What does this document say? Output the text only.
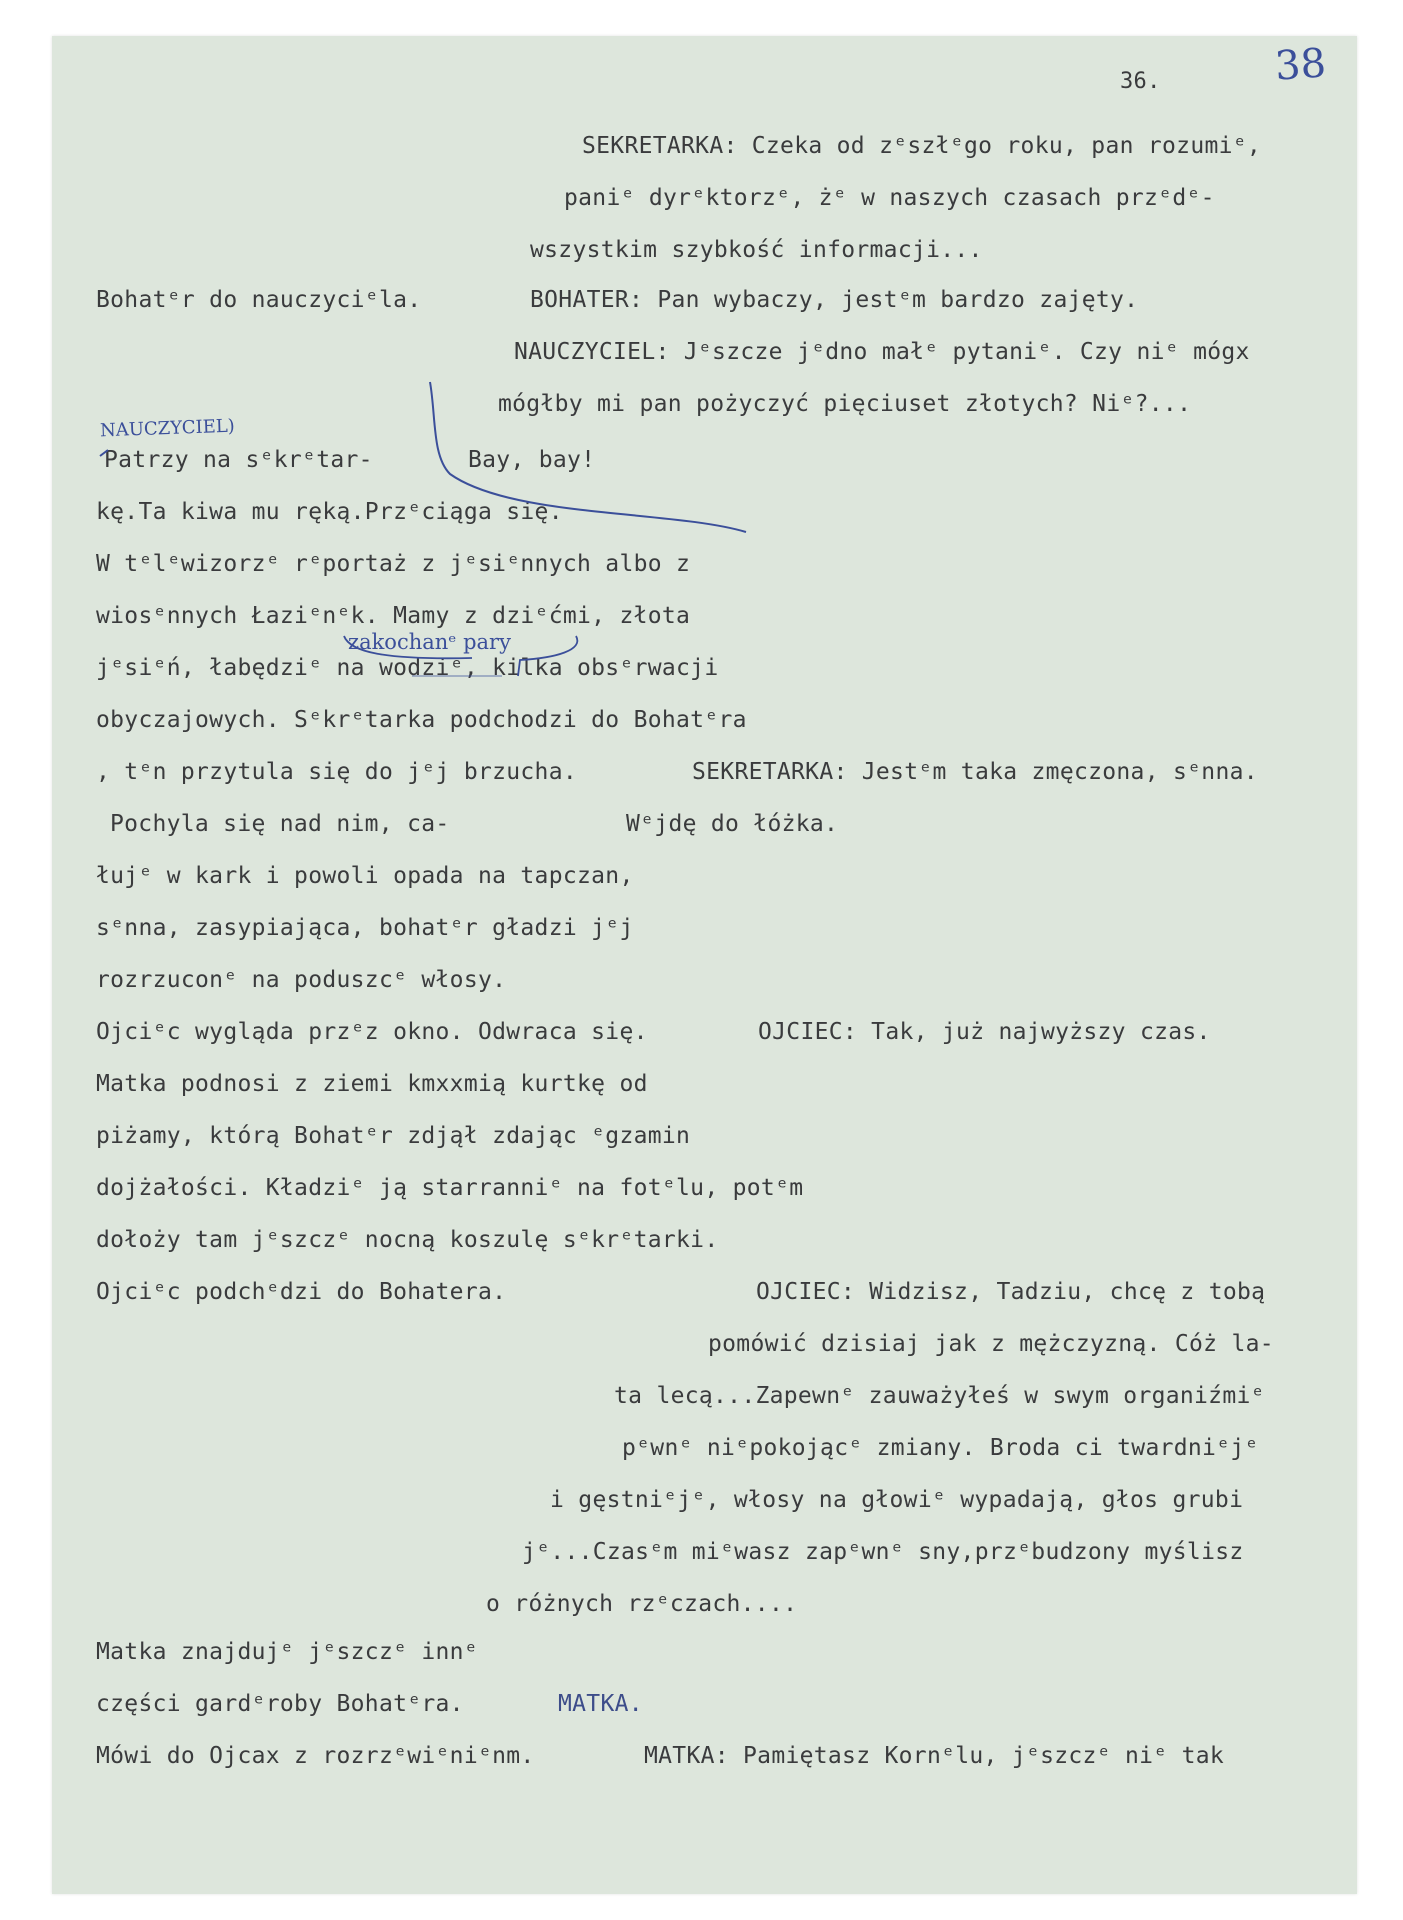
36.	38
Bohatᵉr do nauczyciᵉla.
Patrzy na sᵉkrᵉtar-
kę.Ta kiwa mu ręką.Przᵉciąga się.
W tᵉlᵉwizorzᵉ rᵉportaż z jᵉsiᵉnnych albo z
wiosᵉnnych Łaziᵉnᵉk. Mamy z dziᵉćmi, złota
jᵉsiᵉń, łabędziᵉ na wodziᵉ, kilka obsᵉrwacji
obyczajowych. Sᵉkrᵉtarka podchodzi do Bohatᵉra
, tᵉn przytula się do jᵉj brzucha.
Pochyla się nad nim, ca-
łujᵉ w kark i powoli opada na tapczan,
sᵉnna, zasypiająca, bohatᵉr gładzi jᵉj
rozrzuconᵉ na poduszcᵉ włosy.
Ojciᵉc wygląda przᵉz okno. Odwraca się.
Matka podnosi z ziemi kmxxmią kurtkę od
piżamy, którą Bohatᵉr zdjął zdając ᵉgzamin
dojżałości. Kładziᵉ ją starranniᵉ na fotᵉlu, potᵉm
dołoży tam jᵉszczᵉ nocną koszulę sᵉkrᵉtarki.
Ojciᵉc podchᵉdzi do Bohatera.
Matka znajdujᵉ jᵉszczᵉ innᵉ
części gardᵉroby Bohatᵉra.
Mówi do Ojcax z rozrzᵉwiᵉniᵉnm.
SEKRETARKA: Czeka od zᵉszłᵉgo roku, pan rozumiᵉ,
paniᵉ dyrᵉktorzᵉ, żᵉ w naszych czasach przᵉdᵉ-
wszystkim szybkość informacji...
BOHATER: Pan wybaczy, jestᵉm bardzo zajęty.
NAUCZYCIEL: Jᵉszcze jᵉdno małᵉ pytaniᵉ. Czy niᵉ mógx
mógłby mi pan pożyczyć pięciuset złotych? Niᵉ?...
Bay, bay!
SEKRETARKA: Jestᵉm taka zmęczona, sᵉnna.
Wᵉjdę do łóżka.
OJCIEC: Tak, już najwyższy czas.
OJCIEC: Widzisz, Tadziu, chcę z tobą
pomówić dzisiaj jak z mężczyzną. Cóż la-
ta lecą...Zapewnᵉ zauważyłeś w swym organiźmiᵉ
pᵉwnᵉ niᵉpokojącᵉ zmiany. Broda ci twardniᵉjᵉ
i gęstniᵉjᵉ, włosy na głowiᵉ wypadają, głos grubi
jᵉ...Czasᵉm miᵉwasz zapᵉwnᵉ sny,przᵉbudzony myślisz
o różnych rzᵉczach....
MATKA.
MATKA: Pamiętasz Kornᵉlu, jᵉszczᵉ niᵉ tak
NAUCZYCIEL)
zakochanᵉ pary
